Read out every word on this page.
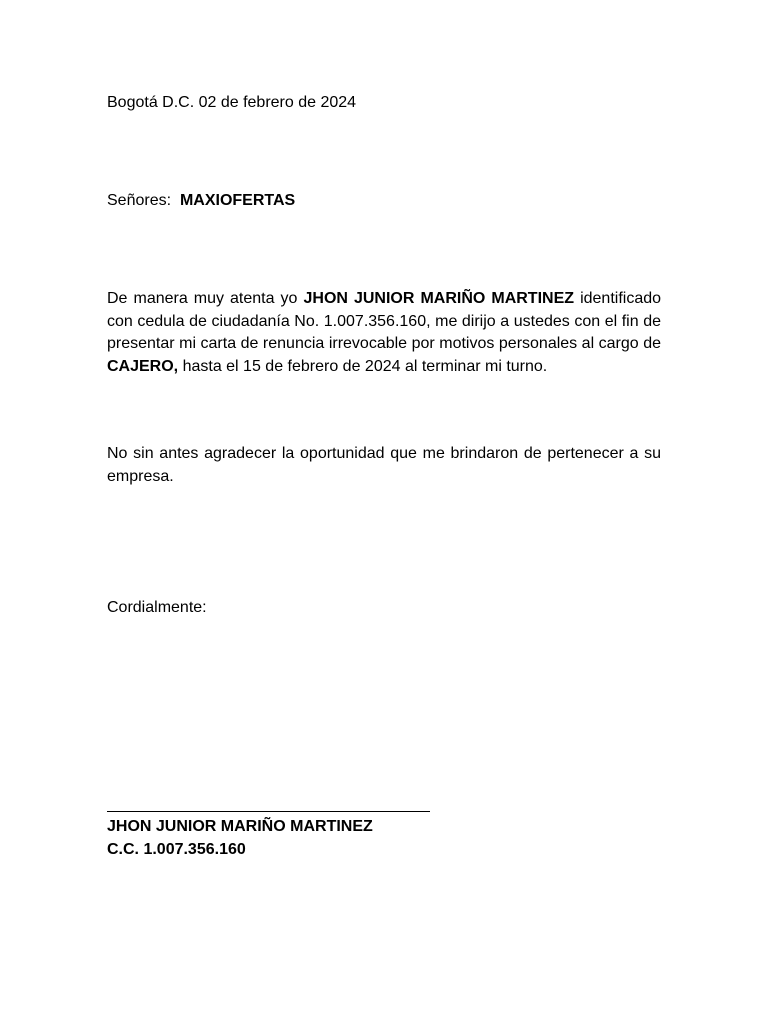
Bogotá D.C. 02 de febrero de 2024
Señores: MAXIOFERTAS

De manera muy atenta yo JHON JUNIOR MARIÑO MARTINEZ identificado con cedula de ciudadanía No. 1.007.356.160, me dirijo a ustedes con el fin de presentar mi carta de renuncia irrevocable por motivos personales al cargo de CAJERO, hasta el 15 de febrero de 2024 al terminar mi turno.

No sin antes agradecer la oportunidad que me brindaron de pertenecer a su empresa.

Cordialmente:
JHON JUNIOR MARIÑO MARTINEZ
C.C. 1.007.356.160
